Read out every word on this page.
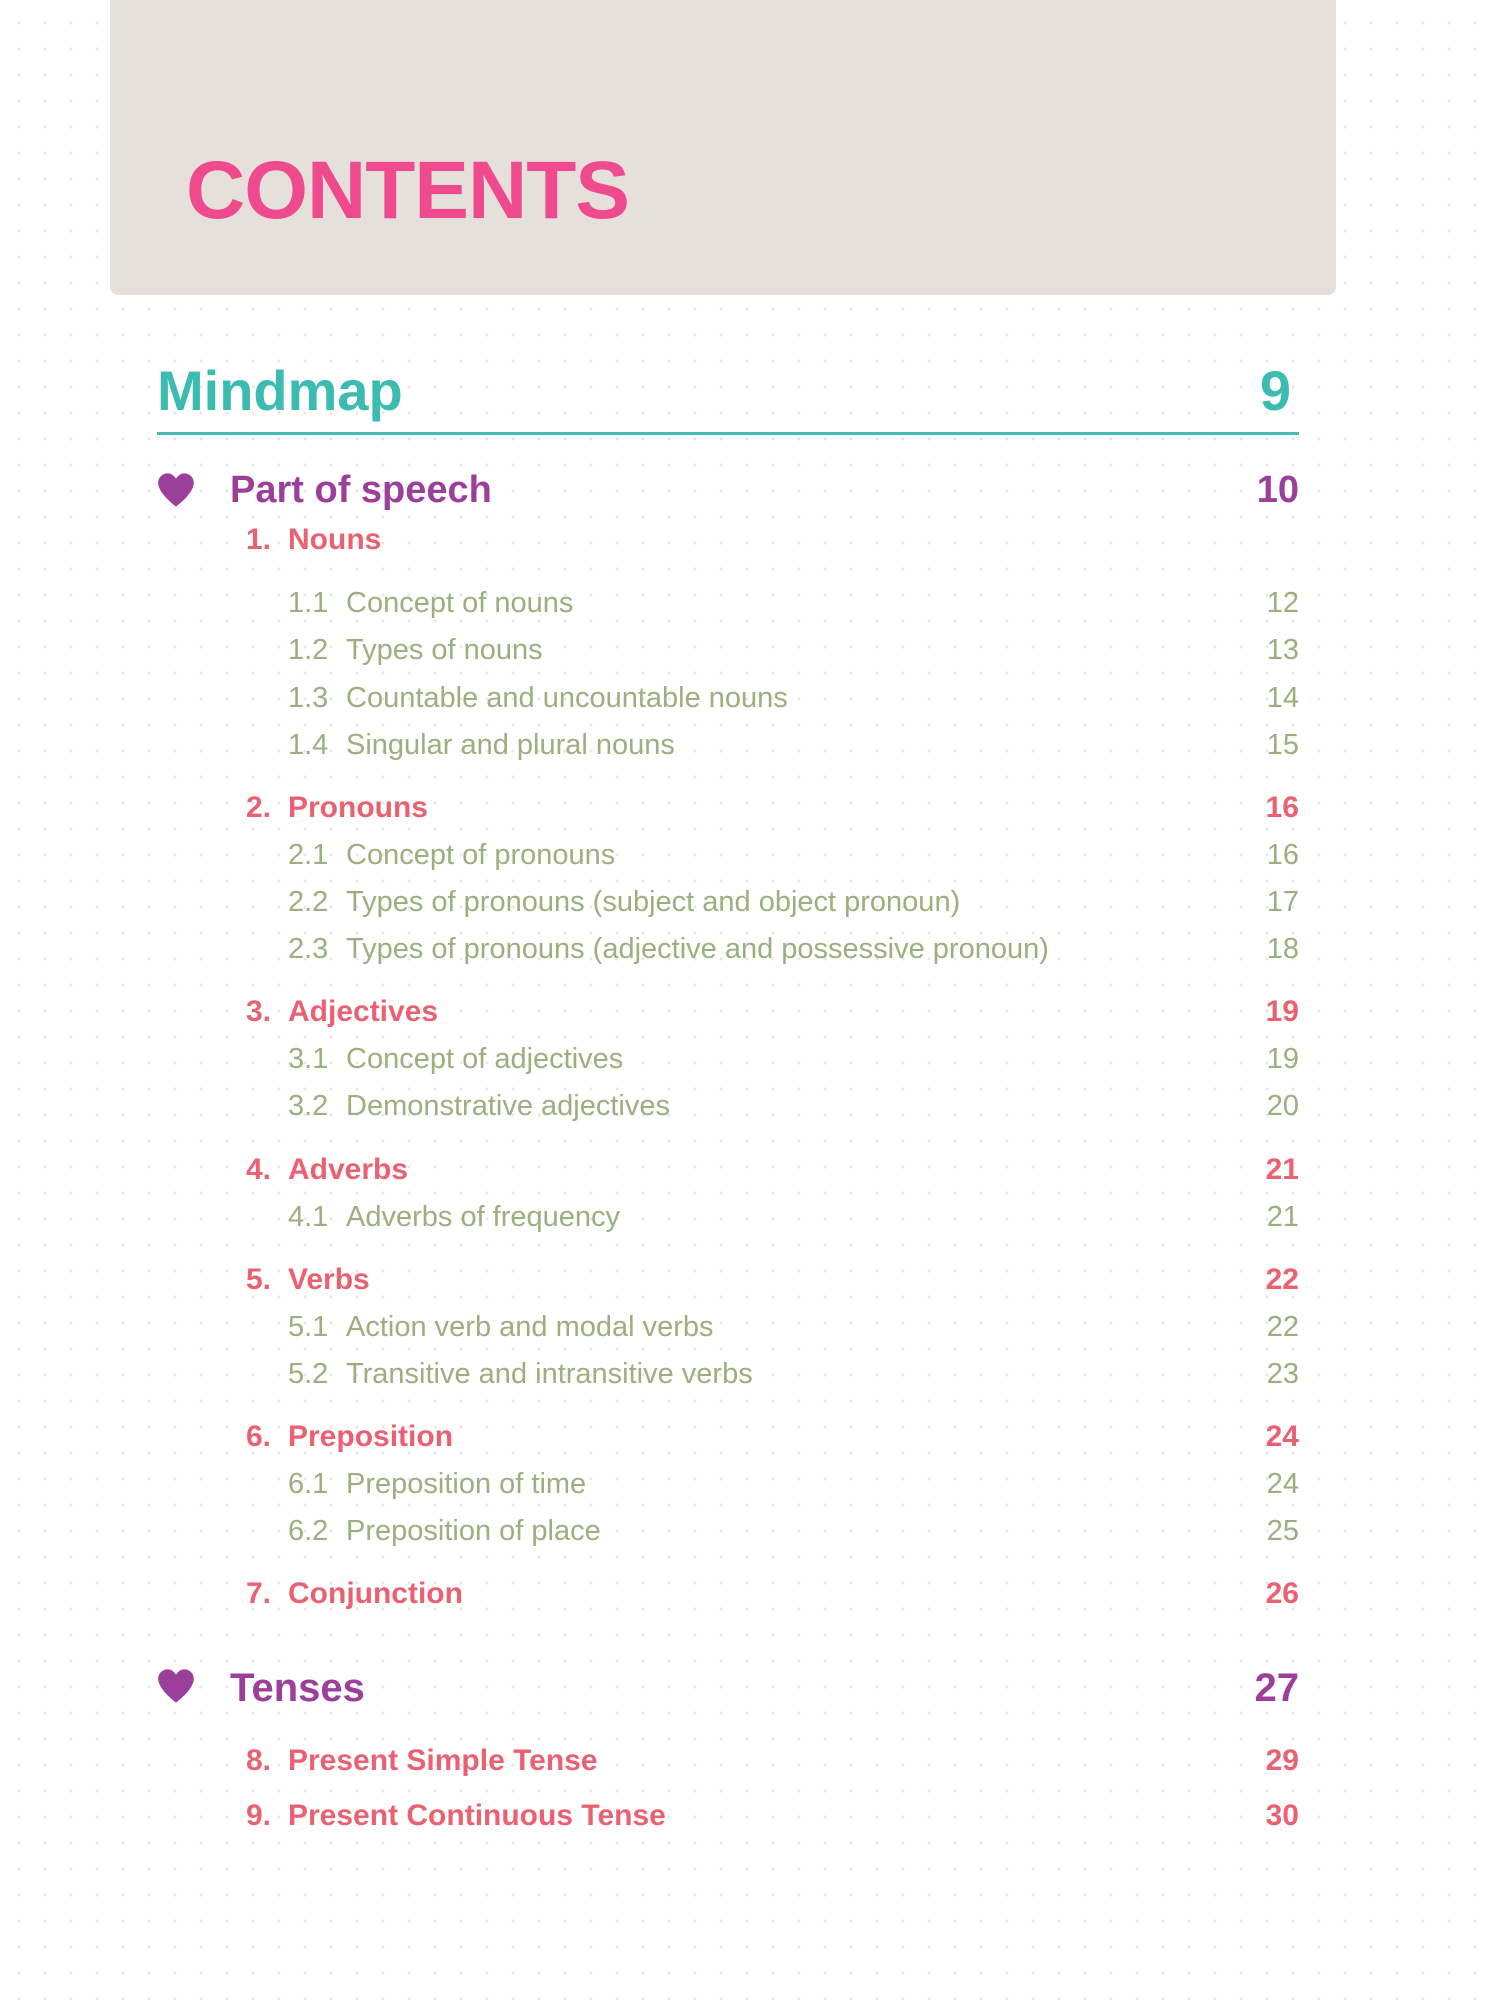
CONTENTS
Mindmap	9
Part of speech	10
1. Nouns
1.1 Concept of nouns	12
1.2 Types of nouns	13
1.3 Countable and uncountable nouns	14
1.4 Singular and plural nouns	15
2. Pronouns	16
2.1 Concept of pronouns	16
2.2 Types of pronouns (subject and object pronoun)	17
2.3 Types of pronouns (adjective and possessive pronoun)	18
3. Adjectives	19
3.1 Concept of adjectives	19
3.2 Demonstrative adjectives	20
4. Adverbs	21
4.1 Adverbs of frequency	21
5. Verbs	22
5.1 Action verb and modal verbs	22
5.2 Transitive and intransitive verbs	23
6. Preposition	24
6.1 Preposition of time	24
6.2 Preposition of place	25
7. Conjunction	26
Tenses	27
8. Present Simple Tense	29
9. Present Continuous Tense	30
